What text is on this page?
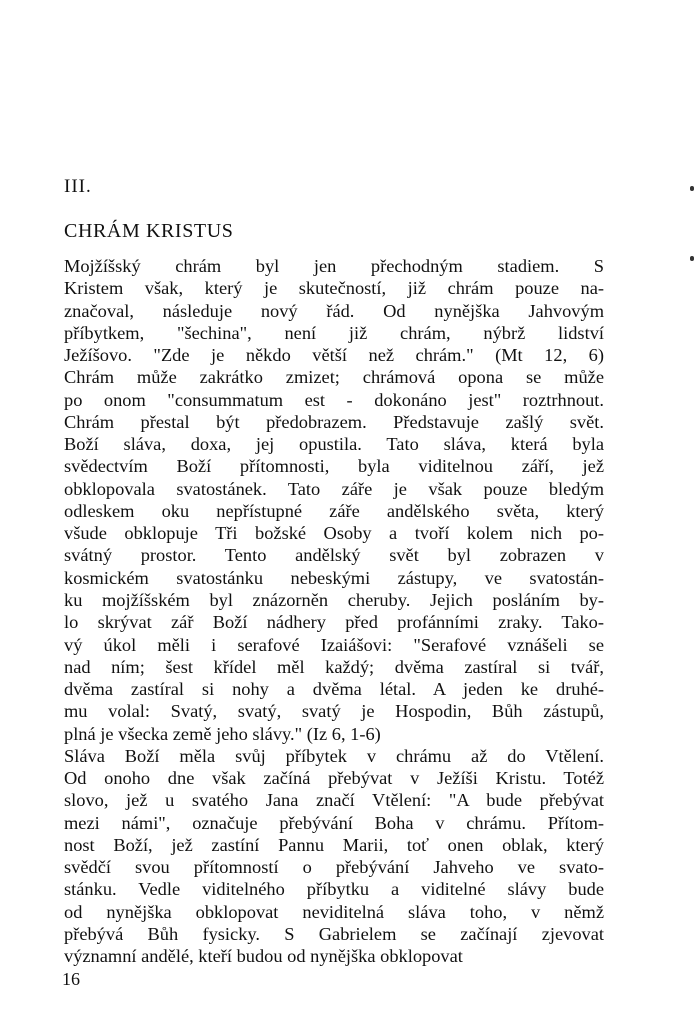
III.
CHRÁM KRISTUS
Mojžíšský chrám byl jen přechodným stadiem. S
Kristem však, který je skutečností, již chrám pouze na-
značoval, následuje nový řád. Od nynějška Jahvovým
příbytkem, "šechina", není již chrám, nýbrž lidství
Ježíšovo. "Zde je někdo větší než chrám." (Mt 12, 6)
Chrám může zakrátko zmizet; chrámová opona se může
po onom "consummatum est - dokonáno jest" roztrhnout.
Chrám přestal být předobrazem. Představuje zašlý svět.
Boží sláva, doxa, jej opustila. Tato sláva, která byla
svědectvím Boží přítomnosti, byla viditelnou září, jež
obklopovala svatostánek. Tato záře je však pouze bledým
odleskem oku nepřístupné záře andělského světa, který
všude obklopuje Tři božské Osoby a tvoří kolem nich po-
svátný prostor. Tento andělský svět byl zobrazen v
kosmickém svatostánku nebeskými zástupy, ve svatostán-
ku mojžíšském byl znázorněn cheruby. Jejich posláním by-
lo skrývat zář Boží nádhery před profánními zraky. Tako-
vý úkol měli i serafové Izaiášovi: "Serafové vznášeli se
nad ním; šest křídel měl každý; dvěma zastíral si tvář,
dvěma zastíral si nohy a dvěma létal. A jeden ke druhé-
mu volal: Svatý, svatý, svatý je Hospodin, Bůh zástupů,
plná je všecka země jeho slávy." (Iz 6, 1-6)
Sláva Boží měla svůj příbytek v chrámu až do Vtělení.
Od onoho dne však začíná přebývat v Ježíši Kristu. Totéž
slovo, jež u svatého Jana značí Vtělení: "A bude přebývat
mezi námi", označuje přebývání Boha v chrámu. Přítom-
nost Boží, jež zastíní Pannu Marii, toť onen oblak, který
svědčí svou přítomností o přebývání Jahveho ve svato-
stánku. Vedle viditelného příbytku a viditelné slávy bude
od nynějška obklopovat neviditelná sláva toho, v němž
přebývá Bůh fysicky. S Gabrielem se začínají zjevovat
významní andělé, kteří budou od nynějška obklopovat
16
